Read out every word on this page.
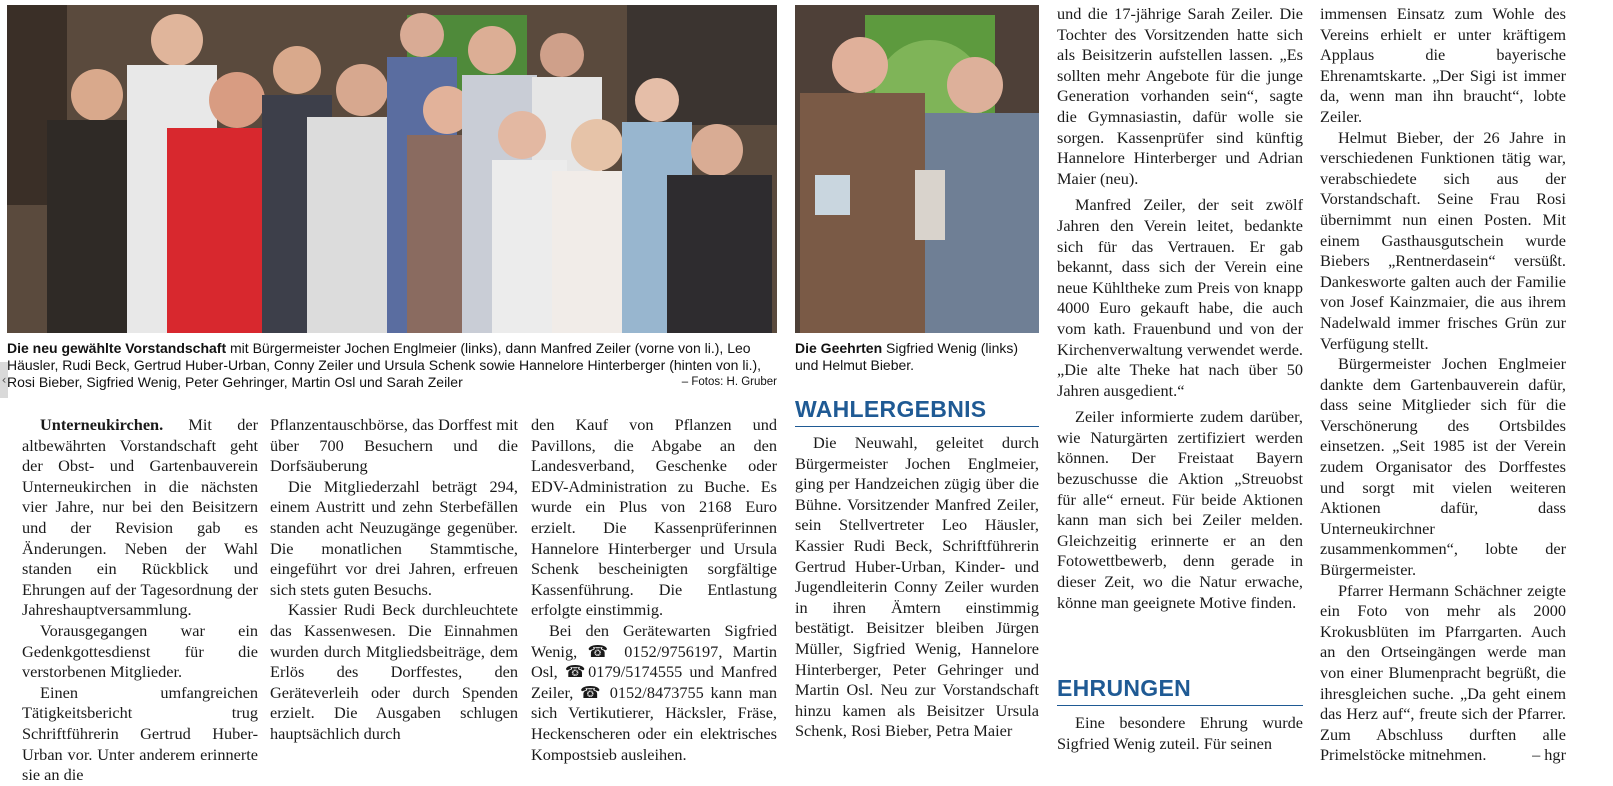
‹
Die neu gewählte Vorstandschaft mit Bürgermeister Jochen Englmeier (links), dann Manfred Zeiler (vorne von li.), Leo Häusler, Rudi Beck, Gertrud Huber-Urban, Conny Zeiler und Ursula Schenk sowie Hannelore Hinterberger (hinten von li.), Rosi Bieber, Sigfried Wenig, Peter Gehringer, Martin Osl und Sarah Zeiler	– Fotos: H. Gruber
Die Geehrten Sigfried Wenig (links) und Helmut Bieber.

Unterneukirchen. Mit der altbewährten Vorstandschaft geht der Obst- und Gartenbauverein Unterneukirchen in die nächsten vier Jahre, nur bei den Beisitzern und der Revision gab es Änderungen. Neben der Wahl standen ein Rückblick und Ehrungen auf der Tagesordnung der Jahreshauptversammlung.

Vorausgegangen war ein Gedenkgottesdienst für die verstorbenen Mitglieder.

Einen umfangreichen Tätigkeitsbericht trug Schriftführerin Gertrud Huber-Urban vor. Unter anderem erinnerte sie an die

Pflanzentauschbörse, das Dorffest mit über 700 Besuchern und die Dorfsäuberung

Die Mitgliederzahl beträgt 294, einem Austritt und zehn Sterbefällen standen acht Neuzugänge gegenüber. Die monatlichen Stammtische, eingeführt vor drei Jahren, erfreuen sich stets guten Besuchs.

Kassier Rudi Beck durchleuchtete das Kassenwesen. Die Einnahmen wurden durch Mitgliedsbeiträge, dem Erlös des Dorffestes, den Geräteverleih oder durch Spenden erzielt. Die Ausgaben schlugen hauptsächlich durch

den Kauf von Pflanzen und Pavillons, die Abgabe an den Landesverband, Geschenke oder EDV-Administration zu Buche. Es wurde ein Plus von 2168 Euro erzielt. Die Kassenprüferinnen Hannelore Hinterberger und Ursula Schenk bescheinigten sorgfältige Kassenführung. Die Entlastung erfolgte einstimmig.

Bei den Gerätewarten Sigfried Wenig, ☎ 0152/9756197, Martin Osl, ☎0179/5174555 und Manfred Zeiler, ☎ 0152/8473755 kann man sich Vertikutierer, Häcksler, Fräse, Heckenscheren oder ein elektrisches Kompostsieb ausleihen.

WAHLERGEBNIS

Die Neuwahl, geleitet durch Bürgermeister Jochen Englmeier, ging per Handzeichen zügig über die Bühne. Vorsitzender Manfred Zeiler, sein Stellvertreter Leo Häusler, Kassier Rudi Beck, Schriftführerin Gertrud Huber-Urban, Kinder- und Jugendleiterin Conny Zeiler wurden in ihren Ämtern einstimmig bestätigt. Beisitzer bleiben Jürgen Müller, Sigfried Wenig, Hannelore Hinterberger, Peter Gehringer und Martin Osl. Neu zur Vorstandschaft hinzu kamen als Beisitzer Ursula Schenk, Rosi Bieber, Petra Maier

und die 17-jährige Sarah Zeiler. Die Tochter des Vorsitzenden hatte sich als Beisitzerin aufstellen lassen. „Es sollten mehr Angebote für die junge Generation vorhanden sein“, sagte die Gymnasiastin, dafür wolle sie sorgen. Kassenprüfer sind künftig Hannelore Hinterberger und Adrian Maier (neu).

Manfred Zeiler, der seit zwölf Jahren den Verein leitet, bedankte sich für das Vertrauen. Er gab bekannt, dass sich der Verein eine neue Kühltheke zum Preis von knapp 4000 Euro gekauft habe, die auch vom kath. Frauenbund und von der Kirchenverwaltung verwendet werde. „Die alte Theke hat nach über 50 Jahren ausgedient.“

Zeiler informierte zudem darüber, wie Naturgärten zertifiziert werden können. Der Freistaat Bayern bezuschusse die Aktion „Streuobst für alle“ erneut. Für beide Aktionen kann man sich bei Zeiler melden. Gleichzeitig erinnerte er an den Fotowettbewerb, denn gerade in dieser Zeit, wo die Natur erwache, könne man geeignete Motive finden.

EHRUNGEN

Eine besondere Ehrung wurde Sigfried Wenig zuteil. Für seinen

immensen Einsatz zum Wohle des Vereins erhielt er unter kräftigem Applaus die bayerische Ehrenamtskarte. „Der Sigi ist immer da, wenn man ihn braucht“, lobte Zeiler.

Helmut Bieber, der 26 Jahre in verschiedenen Funktionen tätig war, verabschiedete sich aus der Vorstandschaft. Seine Frau Rosi übernimmt nun einen Posten. Mit einem Gasthausgutschein wurde Biebers „Rentnerdasein“ versüßt. Dankesworte galten auch der Familie von Josef Kainzmaier, die aus ihrem Nadelwald immer frisches Grün zur Verfügung stellt.

Bürgermeister Jochen Englmeier dankte dem Gartenbauverein dafür, dass seine Mitglieder sich für die Verschönerung des Ortsbildes einsetzen. „Seit 1985 ist der Verein zudem Organisator des Dorffestes und sorgt mit vielen weiteren Aktionen dafür, dass Unterneukirchner zusammenkommen“, lobte der Bürgermeister.

Pfarrer Hermann Schächner zeigte ein Foto von mehr als 2000 Krokusblüten im Pfarrgarten. Auch an den Ortseingängen werde man von einer Blumenpracht begrüßt, die ihresgleichen suche. „Da geht einem das Herz auf“, freute sich der Pfarrer. Zum Abschluss durften alle Primelstöcke mitnehmen.	– hgr
